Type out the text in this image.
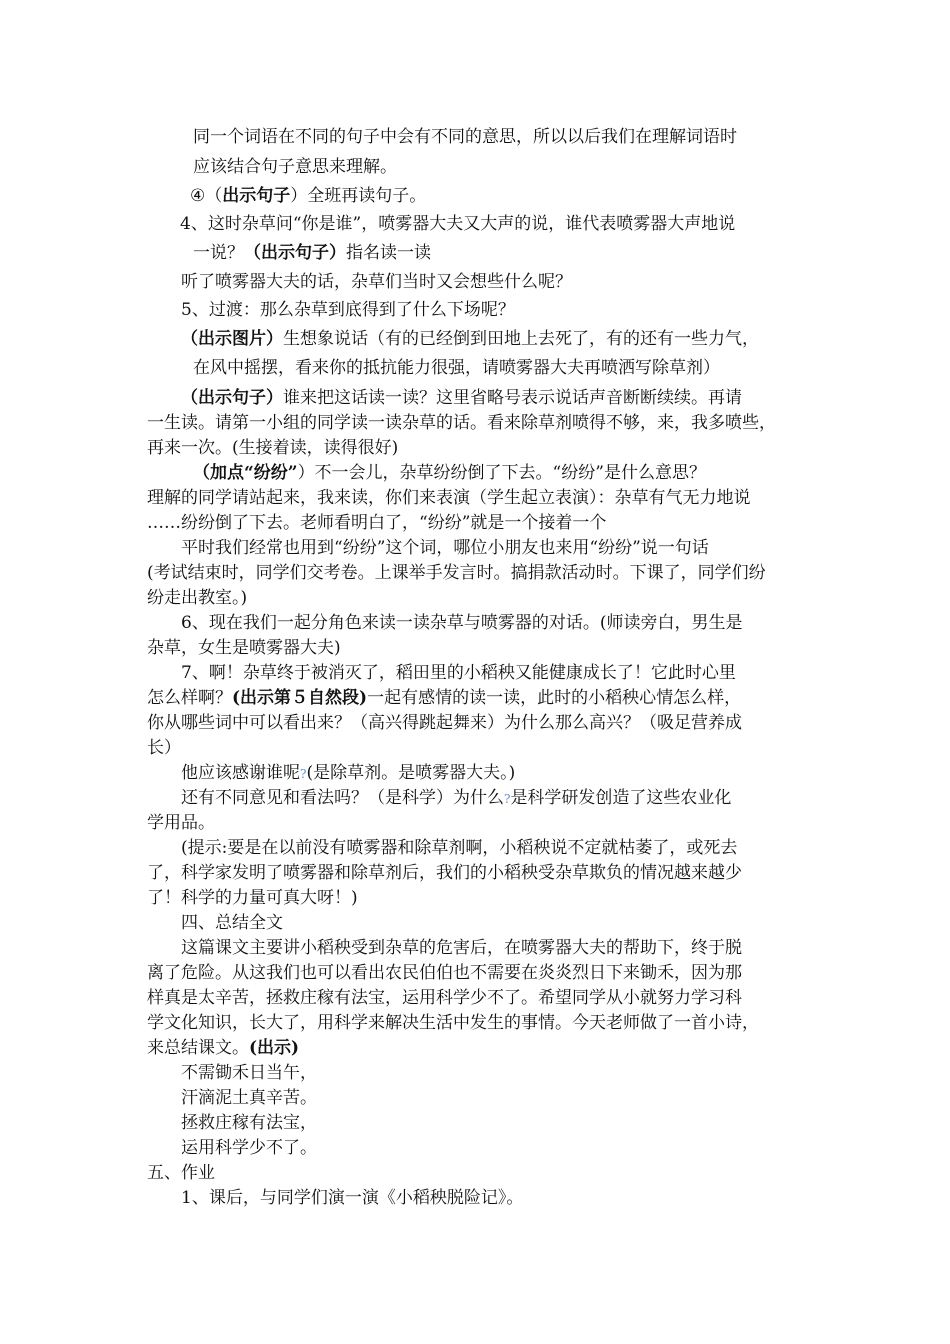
同一个词语在不同的句子中会有不同的意思，所以以后我们在理解词语时
应该结合句子意思来理解。
④（出示句子）全班再读句子。
4、这时杂草问“你是谁”，喷雾器大夫又大声的说，谁代表喷雾器大声地说
一说？（出示句子）指名读一读
听了喷雾器大夫的话，杂草们当时又会想些什么呢？
5、过渡：那么杂草到底得到了什么下场呢？
（出示图片）生想象说话（有的已经倒到田地上去死了，有的还有一些力气，
在风中摇摆，看来你的抵抗能力很强，请喷雾器大夫再喷洒写除草剂）
（出示句子）谁来把这话读一读？这里省略号表示说话声音断断续续。再请
一生读。请第一小组的同学读一读杂草的话。看来除草剂喷得不够，来，我多喷些，
再来一次。(生接着读，读得很好)
（加点“纷纷”）不一会儿，杂草纷纷倒了下去。“纷纷”是什么意思？
理解的同学请站起来，我来读，你们来表演（学生起立表演）：杂草有气无力地说
……纷纷倒了下去。老师看明白了，“纷纷”就是一个接着一个
平时我们经常也用到“纷纷”这个词，哪位小朋友也来用“纷纷”说一句话
(考试结束时，同学们交考卷。上课举手发言时。搞捐款活动时。下课了，同学们纷
纷走出教室。)
6、现在我们一起分角色来读一读杂草与喷雾器的对话。(师读旁白，男生是
杂草，女生是喷雾器大夫)
7、啊！杂草终于被消灭了，稻田里的小稻秧又能健康成长了！它此时心里
怎么样啊？(出示第５自然段)一起有感情的读一读，此时的小稻秧心情怎么样，
你从哪些词中可以看出来？（高兴得跳起舞来）为什么那么高兴？（吸足营养成
长）
他应该感谢谁呢?(是除草剂。是喷雾器大夫。)
还有不同意见和看法吗？（是科学）为什么?是科学研发创造了这些农业化
学用品。
(提示:要是在以前没有喷雾器和除草剂啊，小稻秧说不定就枯萎了，或死去
了，科学家发明了喷雾器和除草剂后，我们的小稻秧受杂草欺负的情况越来越少
了！科学的力量可真大呀！)
四、总结全文
这篇课文主要讲小稻秧受到杂草的危害后，在喷雾器大夫的帮助下，终于脱
离了危险。从这我们也可以看出农民伯伯也不需要在炎炎烈日下来锄禾，因为那
样真是太辛苦，拯救庄稼有法宝，运用科学少不了。希望同学从小就努力学习科
学文化知识，长大了，用科学来解决生活中发生的事情。今天老师做了一首小诗，
来总结课文。(出示)
不需锄禾日当午，
汗滴泥土真辛苦。
拯救庄稼有法宝，
运用科学少不了。
五、作业
1、课后，与同学们演一演《小稻秧脱险记》。
